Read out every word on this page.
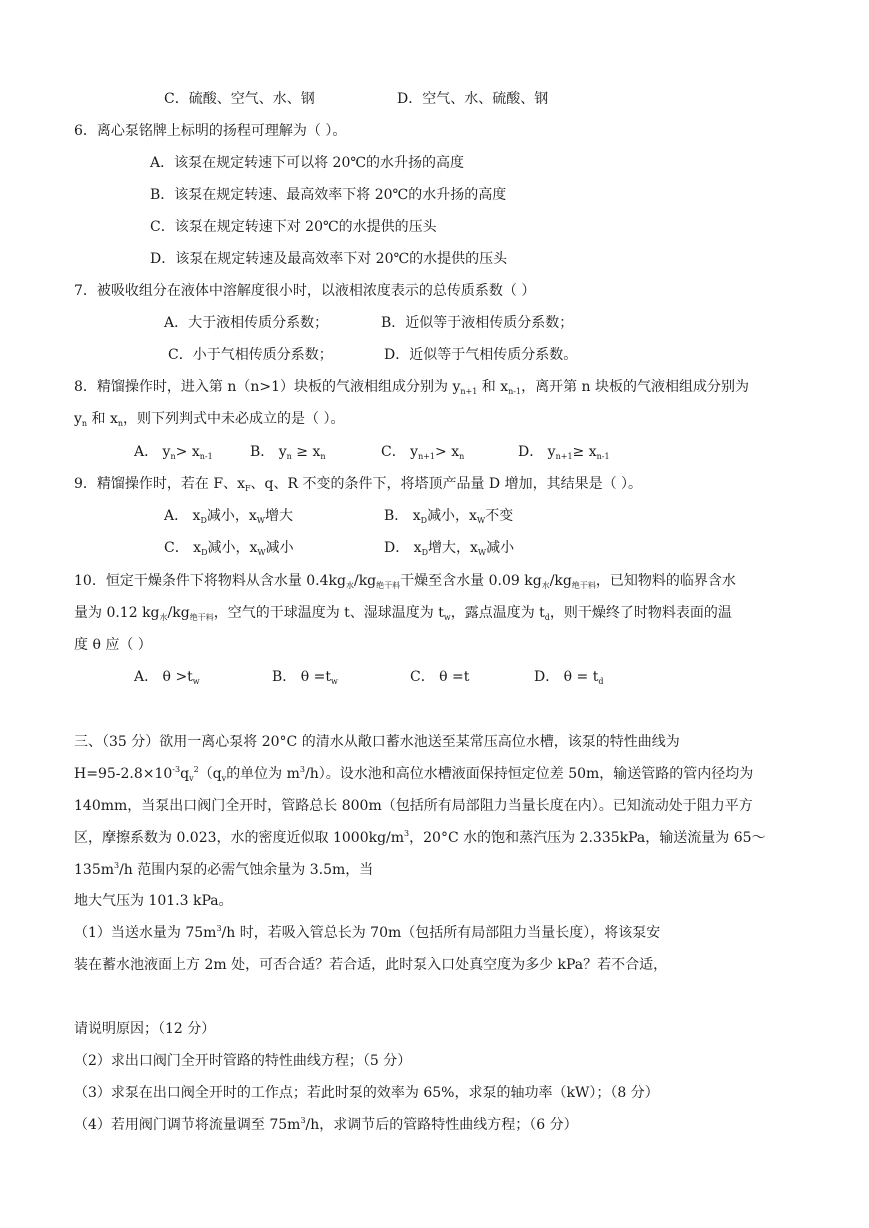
C．硫酸、空气、水、钢	D．空气、水、硫酸、钢
6．离心泵铭牌上标明的扬程可理解为（ ）。
A．该泵在规定转速下可以将 20℃的水升扬的高度
B．该泵在规定转速、最高效率下将 20℃的水升扬的高度
C．该泵在规定转速下对 20℃的水提供的压头
D．该泵在规定转速及最高效率下对 20℃的水提供的压头
7．被吸收组分在液体中溶解度很小时，以液相浓度表示的总传质系数（ ）
A．大于液相传质分系数；	B．近似等于液相传质分系数；
C．小于气相传质分系数；	D．近似等于气相传质分系数。
8．精馏操作时，进入第 n（n>1）块板的气液相组成分别为 $y_{n+1}$ 和 $x_{n-1}$，离开第 n 块板的气液相组成分别为
$y_n$ 和 $x_n$，则下列判式中未必成立的是（ ）。
A． $y_n> x_{n-1}$	B． $y_n \ge x_n$	C． $y_{n+1}> x_n$	D． $y_{n+1}\ge x_{n-1}$
9．精馏操作时，若在 F、$x_F$、q、R 不变的条件下，将塔顶产品量 D 增加，其结果是（ ）。
A． $x_D$减小，$x_W$增大	B． $x_D$减小，$x_W$不变
C． $x_D$减小，$x_W$减小	D． $x_D$增大，$x_W$减小
10．恒定干燥条件下将物料从含水量 $0.4kg_水/kg_{绝干料}$干燥至含水量 0.09 $kg_水/kg_{绝干料}$，已知物料的临界含水
量为 0.12 $kg_水/kg_{绝干料}$，空气的干球温度为 t、湿球温度为 $t_w$，露点温度为 $t_d$，则干燥终了时物料表面的温
度 θ 应（ ）
A． $\theta >t_w$	B． $\theta =t_w$	C． θ =t	D． $\theta = t_d$
三、（35 分）欲用一离心泵将 20°C 的清水从敞口蓄水池送至某常压高位水槽，该泵的特性曲线为
$H=95-2.8\times 10^{-3}q_v^2(q_v$的单位为 $m^3/h$）。设水池和高位水槽液面保持恒定位差 50m，输送管路的管内径均为
140mm，当泵出口阀门全开时，管路总长 800m（包括所有局部阻力当量长度在内）。已知流动处于阻力平方
区，摩擦系数为 0.023，水的密度近似取 $1000kg/m^3$，20°C 水的饱和蒸汽压为 2.335kPa，输送流量为 65～
$135m^3/h$ 范围内泵的必需气蚀余量为 3.5m，当
地大气压为 101.3 kPa。
（1）当送水量为 $75m^3/h$ 时，若吸入管总长为 70m（包括所有局部阻力当量长度），将该泵安
装在蓄水池液面上方 2m 处，可否合适？若合适，此时泵入口处真空度为多少 kPa？若不合适，
请说明原因；（12 分）
（2）求出口阀门全开时管路的特性曲线方程；（5 分）
（3）求泵在出口阀全开时的工作点；若此时泵的效率为 65%，求泵的轴功率（kW）；（8 分）
（4）若用阀门调节将流量调至 $75m^3/h$，求调节后的管路特性曲线方程；（6 分）
